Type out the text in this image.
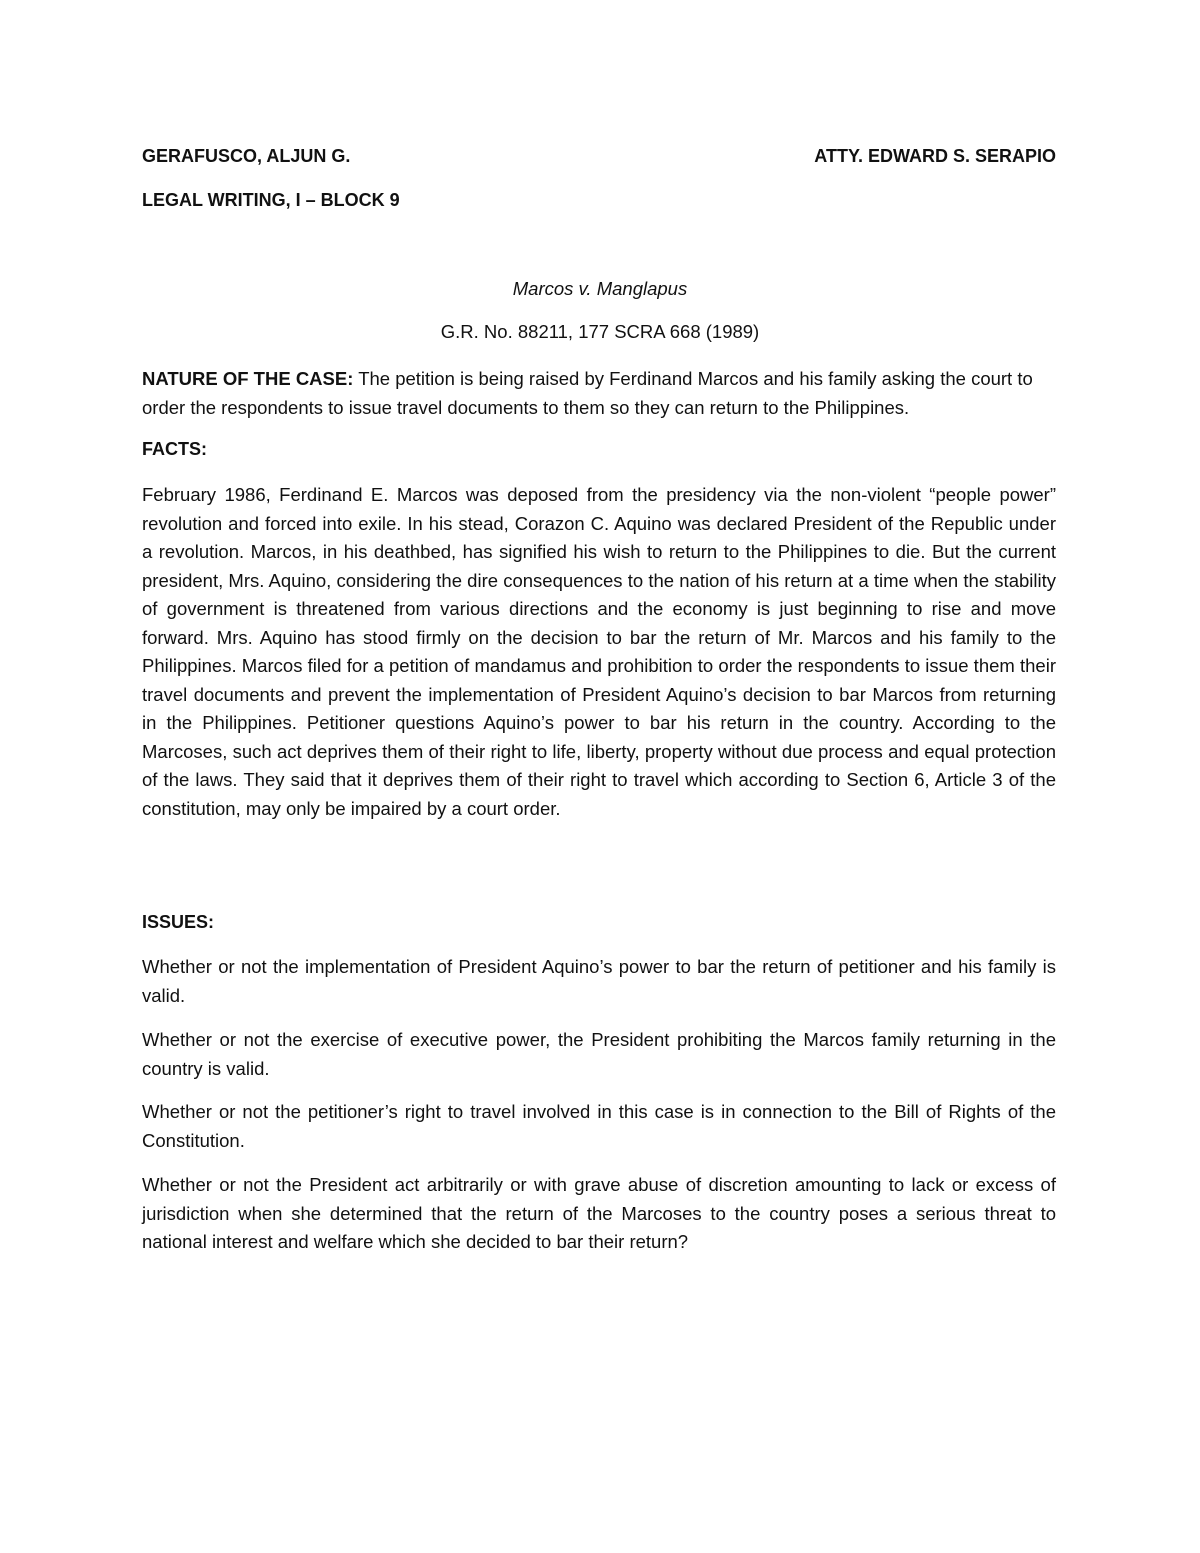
GERAFUSCO, ALJUN G.	ATTY. EDWARD S. SERAPIO
LEGAL WRITING, I – BLOCK 9
Marcos v. Manglapus
G.R. No. 88211, 177 SCRA 668 (1989)
NATURE OF THE CASE: The petition is being raised by Ferdinand Marcos and his family asking the court to order the respondents to issue travel documents to them so they can return to the Philippines.
FACTS:
February 1986, Ferdinand E. Marcos was deposed from the presidency via the non-violent “people power” revolution and forced into exile. In his stead, Corazon C. Aquino was declared President of the Republic under a revolution. Marcos, in his deathbed, has signified his wish to return to the Philippines to die. But the current president, Mrs. Aquino, considering the dire consequences to the nation of his return at a time when the stability of government is threatened from various directions and the economy is just beginning to rise and move forward. Mrs. Aquino has stood firmly on the decision to bar the return of Mr. Marcos and his family to the Philippines. Marcos filed for a petition of mandamus and prohibition to order the respondents to issue them their travel documents and prevent the implementation of President Aquino’s decision to bar Marcos from returning in the Philippines. Petitioner questions Aquino’s power to bar his return in the country. According to the Marcoses, such act deprives them of their right to life, liberty, property without due process and equal protection of the laws. They said that it deprives them of their right to travel which according to Section 6, Article 3 of the constitution, may only be impaired by a court order.
ISSUES:
Whether or not the implementation of President Aquino’s power to bar the return of petitioner and his family is valid.
Whether or not the exercise of executive power, the President prohibiting the Marcos family returning in the country is valid.
Whether or not the petitioner’s right to travel involved in this case is in connection to the Bill of Rights of the Constitution.
Whether or not the President act arbitrarily or with grave abuse of discretion amounting to lack or excess of jurisdiction when she determined that the return of the Marcoses to the country poses a serious threat to national interest and welfare which she decided to bar their return?
